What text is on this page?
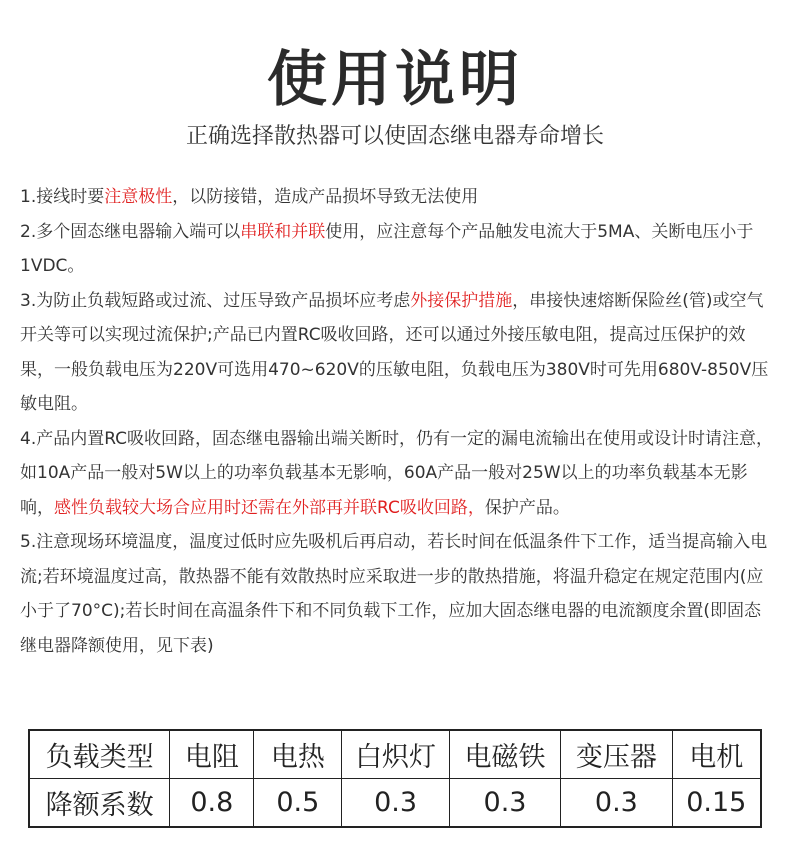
使用说明
正确选择散热器可以使固态继电器寿命增长

1.接线时要注意极性，以防接错，造成产品损坏导致无法使用

2.多个固态继电器输入端可以串联和并联使用，应注意每个产品触发电流大于5MA、关断电压小于1VDC。

3.为防止负载短路或过流、过压导致产品损坏应考虑外接保护措施，串接快速熔断保险丝(管)或空气开关等可以实现过流保护;产品已内置RC吸收回路，还可以通过外接压敏电阻，提高过压保护的效果，一般负载电压为220V可选用470~620V的压敏电阻，负载电压为380V时可先用680V-850V压敏电阻。

4.产品内置RC吸收回路，固态继电器输出端关断时，仍有一定的漏电流输出在使用或设计时请注意，如10A产品一般对5W以上的功率负载基本无影响，60A产品一般对25W以上的功率负载基本无影响，感性负载较大场合应用时还需在外部再并联RC吸收回路，保护产品。

5.注意现场环境温度，温度过低时应先吸机后再启动，若长时间在低温条件下工作，适当提高输入电流;若环境温度过高，散热器不能有效散热时应采取进一步的散热措施，将温升稳定在规定范围内(应小于了70°C);若长时间在高温条件下和不同负载下工作，应加大固态继电器的电流额度余置(即固态继电器降额使用，见下表)

负载类型	电阻	电热	白炽灯	电磁铁	变压器	电机
降额系数	0.8	0.5	0.3	0.3	0.3	0.15
